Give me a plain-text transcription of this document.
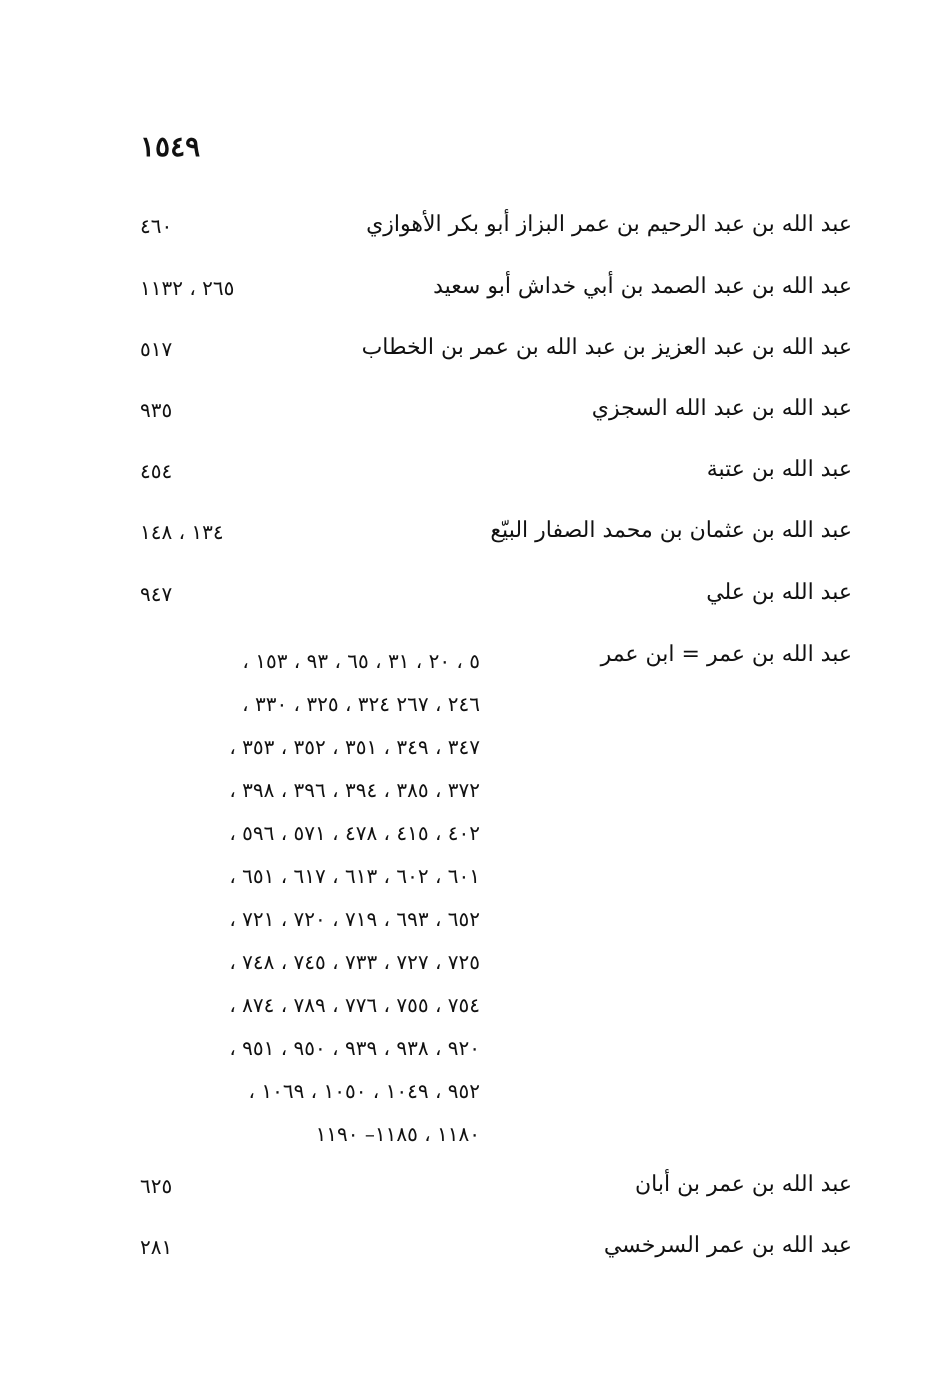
١٥٤٩
عبد الله بن عبد الرحيم بن عمر البزاز أبو بكر الأهوازي
٤٦٠
عبد الله بن عبد الصمد بن أبي خداش أبو سعيد
٢٦٥ ، ١١٣٢
عبد الله بن عبد العزيز بن عبد الله بن عمر بن الخطاب
٥١٧
عبد الله بن عبد الله السجزي
٩٣٥
عبد الله بن عتبة
٤٥٤
عبد الله بن عثمان بن محمد الصفار البيّع
١٣٤ ، ١٤٨
عبد الله بن علي
٩٤٧
عبد الله بن عمر = ابن عمر
٥ ، ٢٠ ، ٣١ ، ٦٥ ، ٩٣ ، ١٥٣ ،
٢٤٦ ، ٢٦٧ ٣٢٤ ، ٣٢٥ ، ٣٣٠ ،
٣٤٧ ، ٣٤٩ ، ٣٥١ ، ٣٥٢ ، ٣٥٣ ،
٣٧٢ ، ٣٨٥ ، ٣٩٤ ، ٣٩٦ ، ٣٩٨ ،
٤٠٢ ، ٤١٥ ، ٤٧٨ ، ٥٧١ ، ٥٩٦ ،
٦٠١ ، ٦٠٢ ، ٦١٣ ، ٦١٧ ، ٦٥١ ،
٦٥٢ ، ٦٩٣ ، ٧١٩ ، ٧٢٠ ، ٧٢١ ،
٧٢٥ ، ٧٢٧ ، ٧٣٣ ، ٧٤٥ ، ٧٤٨ ،
٧٥٤ ، ٧٥٥ ، ٧٧٦ ، ٧٨٩ ، ٨٧٤ ،
٩٢٠ ، ٩٣٨ ، ٩٣٩ ، ٩٥٠ ، ٩٥١ ،
٩٥٢ ، ١٠٤٩ ، ١٠٥٠ ، ١٠٦٩ ،
١١٨٠ ، ١١٨٥– ١١٩٠
عبد الله بن عمر بن أبان
٦٢٥
عبد الله بن عمر السرخسي
٢٨١
